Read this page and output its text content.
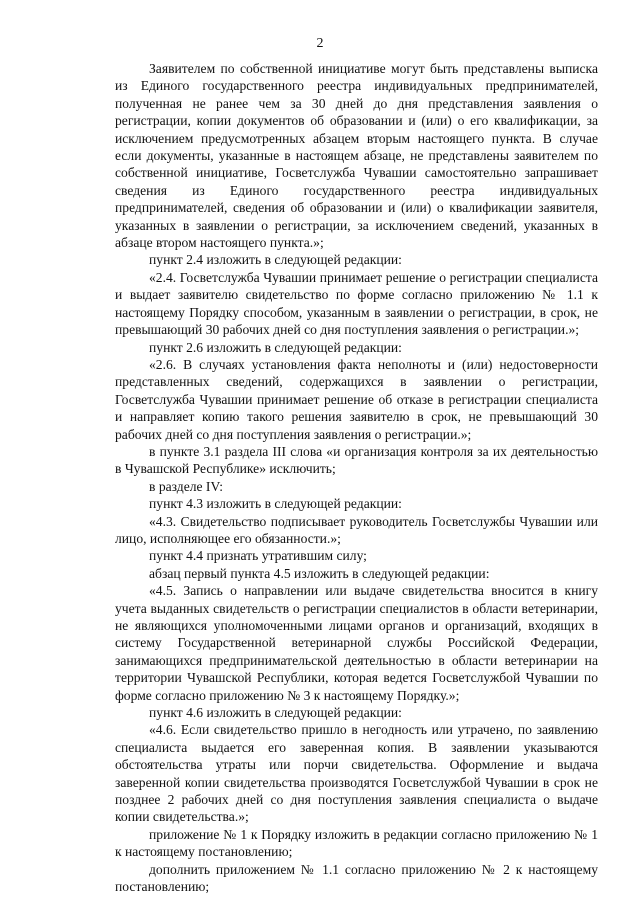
2

Заявителем по собственной инициативе могут быть представлены выписка из Единого государственного реестра индивидуальных предпринимателей, полученная не ранее чем за 30 дней до дня представления заявления о регистрации, копии документов об образовании и (или) о его квалификации, за исключением предусмотренных абзацем вторым настоящего пункта. В случае если документы, указанные в настоящем абзаце, не представлены заявителем по собственной инициативе, Госветслужба Чувашии самостоятельно запрашивает сведения из Единого государственного реестра индивидуальных предпринимателей, сведения об образовании и (или) о квалификации заявителя, указанных в заявлении о регистрации, за исключением сведений, указанных в абзаце втором настоящего пункта.»;

пункт 2.4 изложить в следующей редакции:

«2.4. Госветслужба Чувашии принимает решение о регистрации специалиста и выдает заявителю свидетельство по форме согласно приложению № 1.1 к настоящему Порядку способом, указанным в заявлении о регистрации, в срок, не превышающий 30 рабочих дней со дня поступления заявления о регистрации.»;

пункт 2.6 изложить в следующей редакции:

«2.6. В случаях установления факта неполноты и (или) недостоверности представленных сведений, содержащихся в заявлении о регистрации, Госветслужба Чувашии принимает решение об отказе в регистрации специалиста и направляет копию такого решения заявителю в срок, не превышающий 30 рабочих дней со дня поступления заявления о регистрации.»;

в пункте 3.1 раздела III слова «и организация контроля за их деятельностью в Чувашской Республике» исключить;

в разделе IV:

пункт 4.3 изложить в следующей редакции:

«4.3. Свидетельство подписывает руководитель Госветслужбы Чувашии или лицо, исполняющее его обязанности.»;

пункт 4.4 признать утратившим силу;

абзац первый пункта 4.5 изложить в следующей редакции:

«4.5. Запись о направлении или выдаче свидетельства вносится в книгу учета выданных свидетельств о регистрации специалистов в области ветеринарии, не являющихся уполномоченными лицами органов и организаций, входящих в систему Государственной ветеринарной службы Российской Федерации, занимающихся предпринимательской деятельностью в области ветеринарии на территории Чувашской Республики, которая ведется Госветслужбой Чувашии по форме согласно приложению № 3 к настоящему Порядку.»;

пункт 4.6 изложить в следующей редакции:

«4.6. Если свидетельство пришло в негодность или утрачено, по заявлению специалиста выдается его заверенная копия. В заявлении указываются обстоятельства утраты или порчи свидетельства. Оформление и выдача заверенной копии свидетельства производятся Госветслужбой Чувашии в срок не позднее 2 рабочих дней со дня поступления заявления специалиста о выдаче копии свидетельства.»;

приложение № 1 к Порядку изложить в редакции согласно приложению № 1 к настоящему постановлению;

дополнить приложением № 1.1 согласно приложению № 2 к настоящему постановлению;
